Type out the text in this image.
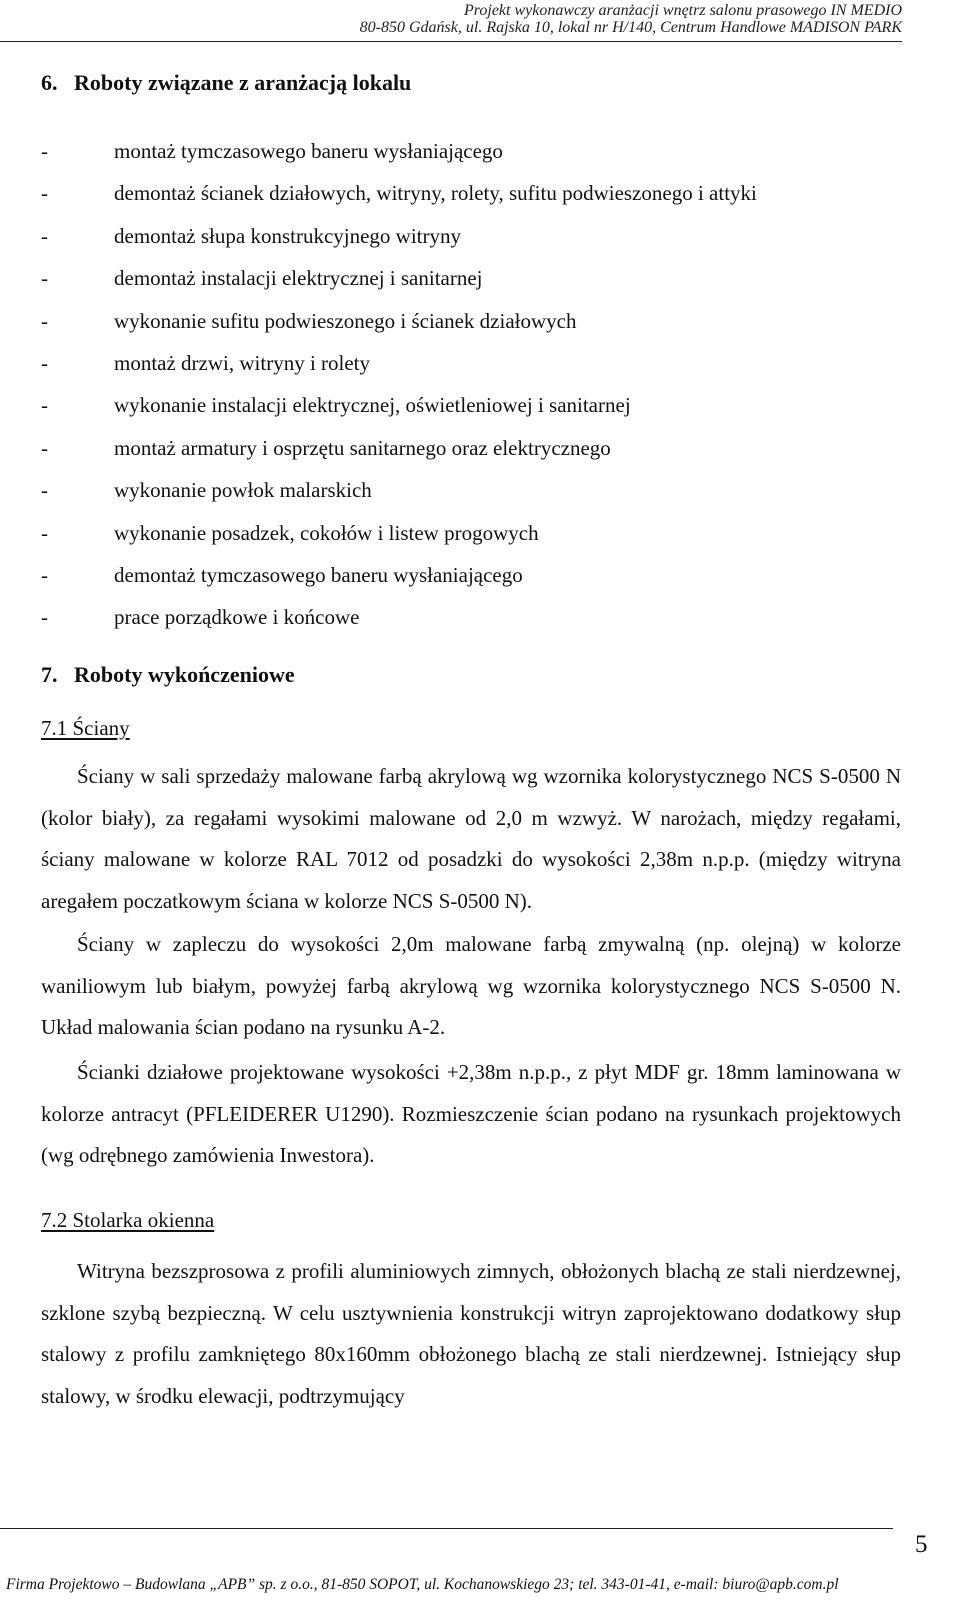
Projekt wykonawczy aranżacji wnętrz salonu prasowego IN MEDIO
80-850 Gdańsk, ul. Rajska 10, lokal nr H/140, Centrum Handlowe MADISON PARK
6.   Roboty związane z aranżacją lokalu
-	montaż tymczasowego baneru wysłaniającego
-	demontaż ścianek działowych, witryny, rolety, sufitu podwieszonego i attyki
-	demontaż słupa konstrukcyjnego witryny
-	demontaż instalacji elektrycznej i sanitarnej
-	wykonanie sufitu podwieszonego i ścianek działowych
-	montaż drzwi, witryny i rolety
-	wykonanie instalacji elektrycznej, oświetleniowej i sanitarnej
-	montaż armatury i osprzętu sanitarnego oraz elektrycznego
-	wykonanie powłok malarskich
-	wykonanie posadzek, cokołów i listew progowych
-	demontaż tymczasowego baneru wysłaniającego
-	prace porządkowe i końcowe
7.   Roboty wykończeniowe
7.1 Ściany

Ściany w sali sprzedaży malowane farbą akrylową wg wzornika kolorystycznego NCS S-0500 N (kolor biały), za regałami wysokimi malowane od 2,0 m wzwyż. W narożach, między regałami, ściany malowane w kolorze RAL 7012 od posadzki do wysokości 2,38m n.p.p. (między witryna aregałem poczatkowym ściana w kolorze NCS S-0500 N).

Ściany w zapleczu do wysokości 2,0m malowane farbą zmywalną (np. olejną) w kolorze waniliowym lub białym, powyżej farbą akrylową wg wzornika kolorystycznego NCS S-0500 N. Układ malowania ścian podano na rysunku A-2.

Ścianki działowe projektowane wysokości +2,38m n.p.p., z płyt MDF gr. 18mm laminowana w kolorze antracyt (PFLEIDERER U1290). Rozmieszczenie ścian podano na rysunkach projektowych (wg odrębnego zamówienia Inwestora).

7.2 Stolarka okienna

Witryna bezszprosowa z profili aluminiowych zimnych, obłożonych blachą ze stali nierdzewnej, szklone szybą bezpieczną. W celu usztywnienia konstrukcji witryn zaprojektowano dodatkowy słup stalowy z profilu zamkniętego 80x160mm obłożonego blachą ze stali nierdzewnej. Istniejący słup stalowy, w środku elewacji, podtrzymujący

5
Firma Projektowo – Budowlana „APB” sp. z o.o., 81-850 SOPOT, ul. Kochanowskiego 23; tel. 343-01-41, e-mail: biuro@apb.com.pl
